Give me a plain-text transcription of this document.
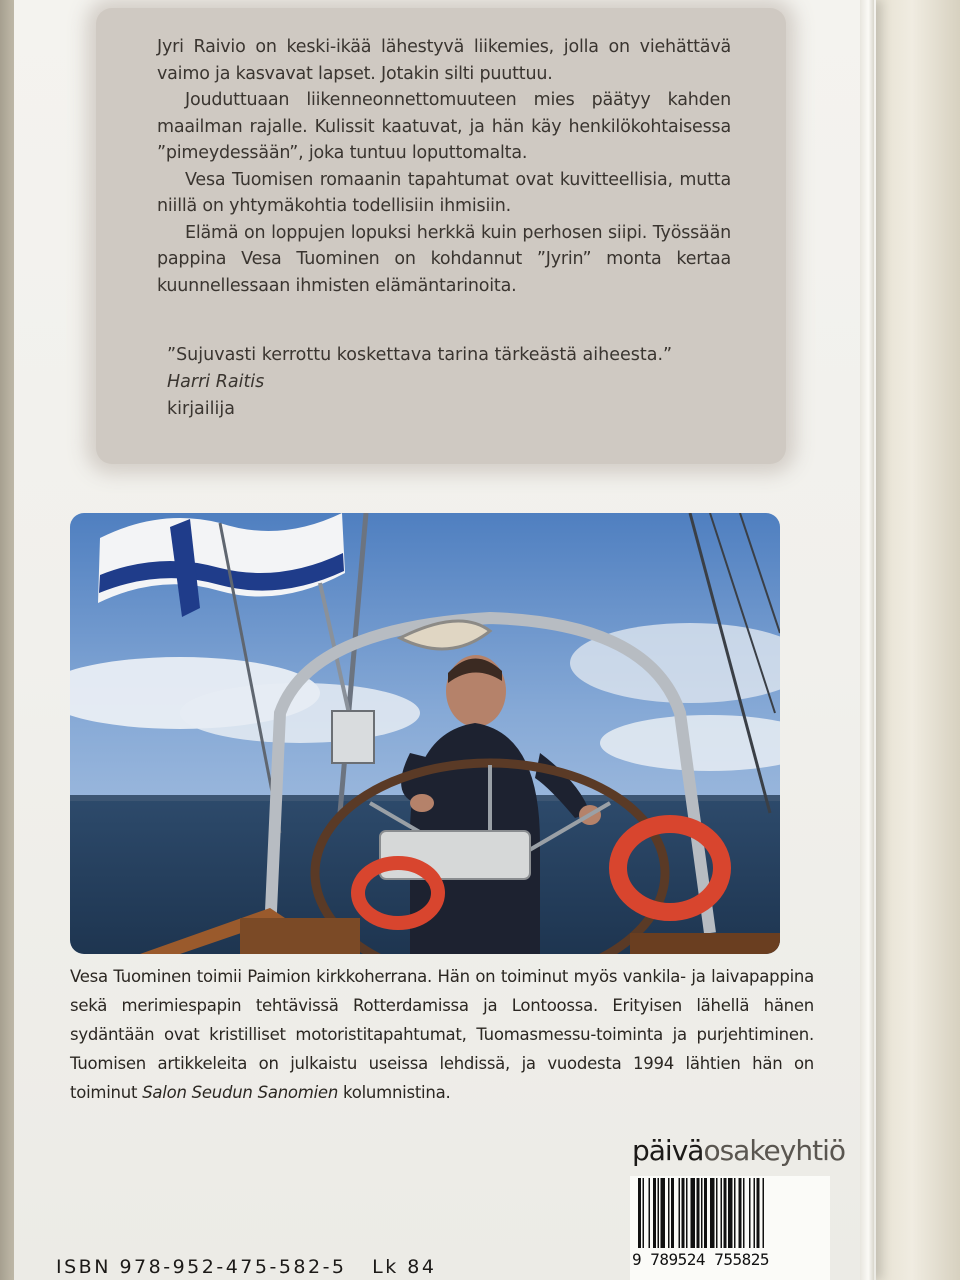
Jyri Raivio on keski-ikää lähestyvä liikemies, jolla on viehättävä vaimo ja kasvavat lapset. Jotakin silti puuttuu.

Jouduttuaan liikenneonnettomuuteen mies päätyy kahden maailman rajalle. Kulissit kaatuvat, ja hän käy henkilökohtaisessa ”pimeydessään”, joka tuntuu loputtomalta.

Vesa Tuomisen romaanin tapahtumat ovat kuvitteellisia, mutta niillä on yhtymäkohtia todellisiin ihmisiin.

Elämä on loppujen lopuksi herkkä kuin perhosen siipi. Työssään pappina Vesa Tuominen on kohdannut ”Jyrin” monta kertaa kuunnellessaan ihmisten elämäntarinoita.

”Sujuvasti kerrottu koskettava tarina tärkeästä aiheesta.”
Harri Raitis
kirjailija
Vesa Tuominen toimii Paimion kirkkoherrana. Hän on toiminut myös vankila- ja laivapappina sekä merimiespapin tehtävissä Rotterdamissa ja Lontoossa. Erityisen lähellä hänen sydäntään ovat kristilliset motoristitapahtumat, Tuomasmessu-toiminta ja purjehtiminen. Tuomisen artikkeleita on julkaistu useissa lehdissä, ja vuodesta 1994 lähtien hän on toiminut Salon Seudun Sanomien kolumnistina.
päiväosakeyhtiö
9 789524 755825
ISBN 978-952-475-582-5   Lk 84
